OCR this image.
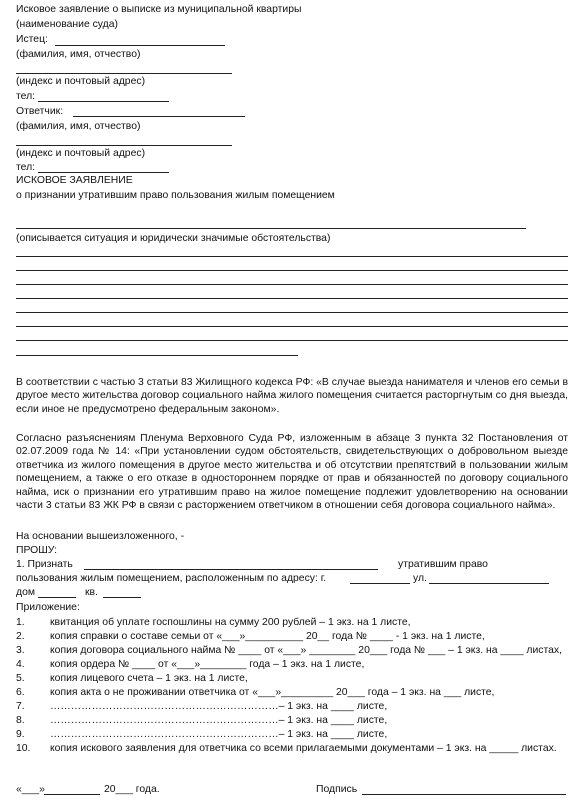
Исковое заявление о выписке из муниципальной квартиры
(наименование суда)
Истец:
(фамилия, имя, отчество)
(индекс и почтовый адрес)
тел:
Ответчик:
(фамилия, имя, отчество)
(индекс и почтовый адрес)
тел:
ИСКОВОЕ ЗАЯВЛЕНИЕ
о признании утратившим право пользования жилым помещением
(описывается ситуация и юридически значимые обстоятельства)
В соответствии с частью 3 статьи 83 Жилищного кодекса РФ: «В случае выезда нанимателя и членов его семьи в другое место жительства договор социального найма жилого помещения считается расторгнутым со дня выезда, если иное не предусмотрено федеральным законом».
Согласно разъяснениям Пленума Верховного Суда РФ, изложенным в абзаце 3 пункта 32 Постановления от 02.07.2009 года № 14: «При установлении судом обстоятельств, свидетельствующих о добровольном выезде ответчика из жилого помещения в другое место жительства и об отсутствии препятствий в пользовании жилым помещением, а также о его отказе в одностороннем порядке от прав и обязанностей по договору социального найма, иск о признании его утратившим право на жилое помещение подлежит удовлетворению на основании части 3 статьи 83 ЖК РФ в связи с расторжением ответчиком в отношении себя договора социального найма».
На основании вышеизложенного, -
ПРОШУ:
1. Признать	утратившим право
пользования жилым помещением, расположенным по адресу: г.	ул.
дом	кв.
Приложение:
1. квитанция об уплате госпошлины на сумму 200 рублей – 1 экз. на 1 листе,
2. копия справки о составе семьи от «___»__________ 20__ года № ____ - 1 экз. на 1 листе,
3. копия договора социального найма № ____ от «___» ________ 20___ года № ___ – 1 экз. на ____ листах,
4. копия ордера № ____ от «___»________ года – 1 экз. на 1 листе,
5. копия лицевого счета – 1 экз. на 1 листе,
6. копия акта о не проживании ответчика от «___»_________ 20___ года – 1 экз. на ___ листе,
7. …………………………………………………………– 1 экз. на ____ листе,
8. …………………………………………………………– 1 экз. на ____ листе,
9. …………………………………………………………– 1 экз. на ____ листе,
10. копия искового заявления для ответчика со всеми прилагаемыми документами – 1 экз. на _____ листах.
«___»	20___ года.	Подпись
